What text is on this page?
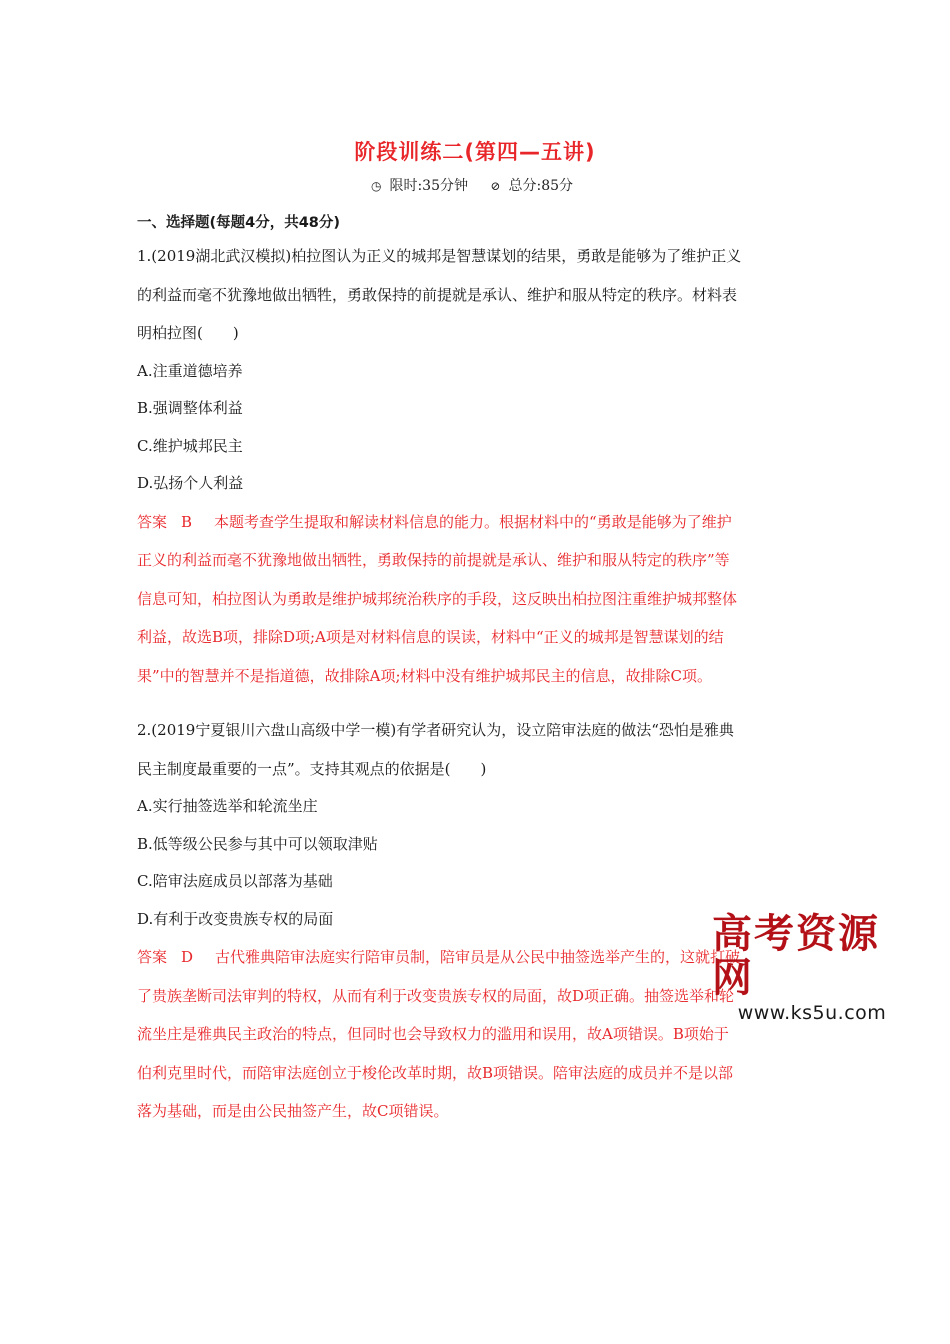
阶段训练二(第四—五讲)
◷ 限时:35分钟 ⊘ 总分:85分
一、选择题(每题4分，共48分)
1.(2019湖北武汉模拟)柏拉图认为正义的城邦是智慧谋划的结果，勇敢是能够为了维护正义
的利益而毫不犹豫地做出牺牲，勇敢保持的前提就是承认、维护和服从特定的秩序。材料表
明柏拉图(　　)
A.注重道德培养
B.强调整体利益
C.维护城邦民主
D.弘扬个人利益
答案 B 本题考查学生提取和解读材料信息的能力。根据材料中的“勇敢是能够为了维护
正义的利益而毫不犹豫地做出牺牲，勇敢保持的前提就是承认、维护和服从特定的秩序”等
信息可知，柏拉图认为勇敢是维护城邦统治秩序的手段，这反映出柏拉图注重维护城邦整体
利益，故选B项，排除D项;A项是对材料信息的误读，材料中“正义的城邦是智慧谋划的结
果”中的智慧并不是指道德，故排除A项;材料中没有维护城邦民主的信息，故排除C项。
2.(2019宁夏银川六盘山高级中学一模)有学者研究认为，设立陪审法庭的做法“恐怕是雅典
民主制度最重要的一点”。支持其观点的依据是(　　)
A.实行抽签选举和轮流坐庄
B.低等级公民参与其中可以领取津贴
C.陪审法庭成员以部落为基础
D.有利于改变贵族专权的局面
答案 D 古代雅典陪审法庭实行陪审员制，陪审员是从公民中抽签选举产生的，这就打破
了贵族垄断司法审判的特权，从而有利于改变贵族专权的局面，故D项正确。抽签选举和轮
流坐庄是雅典民主政治的特点，但同时也会导致权力的滥用和误用，故A项错误。B项始于
伯利克里时代，而陪审法庭创立于梭伦改革时期，故B项错误。陪审法庭的成员并不是以部
落为基础，而是由公民抽签产生，故C项错误。
高考资源网
www.ks5u.com
